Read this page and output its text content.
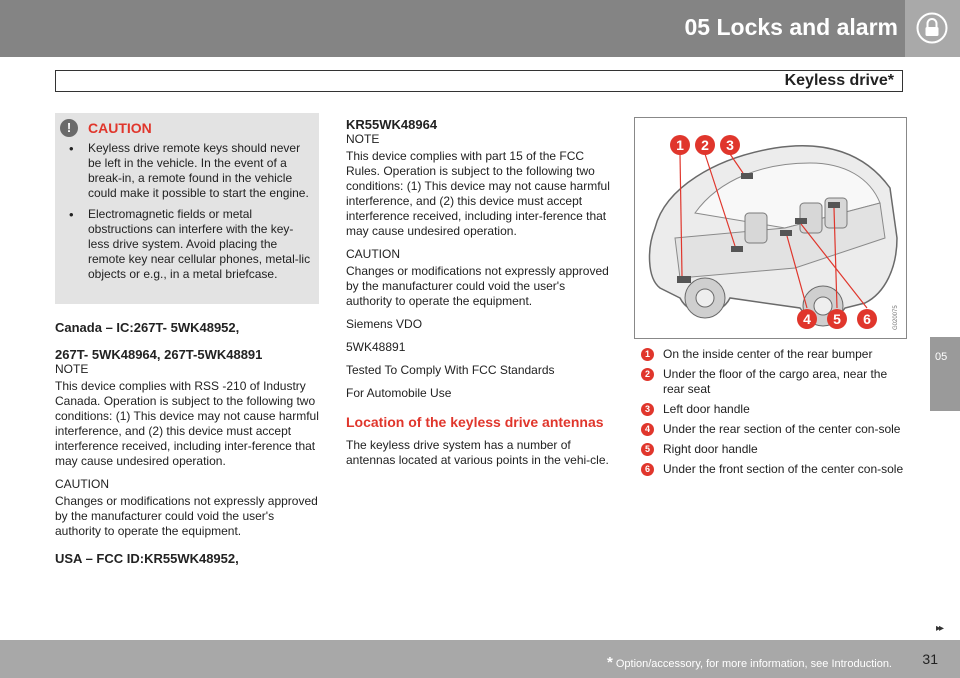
05 Locks and alarm
Keyless drive*
05
!	CAUTION
• Keyless drive remote keys should never be left in the vehicle. In the event of a break-in, a remote found in the vehicle could make it possible to start the engine.
• Electromagnetic fields or metal obstructions can interfere with the key-less drive system. Avoid placing the remote key near cellular phones, metal-lic objects or e.g., in a metal briefcase.

Canada – IC:267T- 5WK48952,

267T- 5WK48964, 267T-5WK48891

NOTE

This device complies with RSS -210 of Industry Canada. Operation is subject to the following two conditions: (1) This device may not cause harmful interference, and (2) this device must accept interference received, including inter-ference that may cause undesired operation.

CAUTION

Changes or modifications not expressly approved by the manufacturer could void the user's authority to operate the equipment.

USA – FCC ID:KR55WK48952,

KR55WK48964

NOTE

This device complies with part 15 of the FCC Rules. Operation is subject to the following two conditions: (1) This device may not cause harmful interference, and (2) this device must accept interference received, including inter-ference that may cause undesired operation.

CAUTION

Changes or modifications not expressly approved by the manufacturer could void the user's authority to operate the equipment.

Siemens VDO

5WK48891

Tested To Comply With FCC Standards

For Automobile Use

Location of the keyless drive antennas

The keyless drive system has a number of antennas located at various points in the vehi-cle.

1 2 3
4 5 6	G020075
1	On the inside center of the rear bumper
2	Under the floor of the cargo area, near the rear seat
3	Left door handle
4	Under the rear section of the center con-sole
5	Right door handle
6	Under the front section of the center con-sole
▸▸
* Option/accessory, for more information, see Introduction. 31
